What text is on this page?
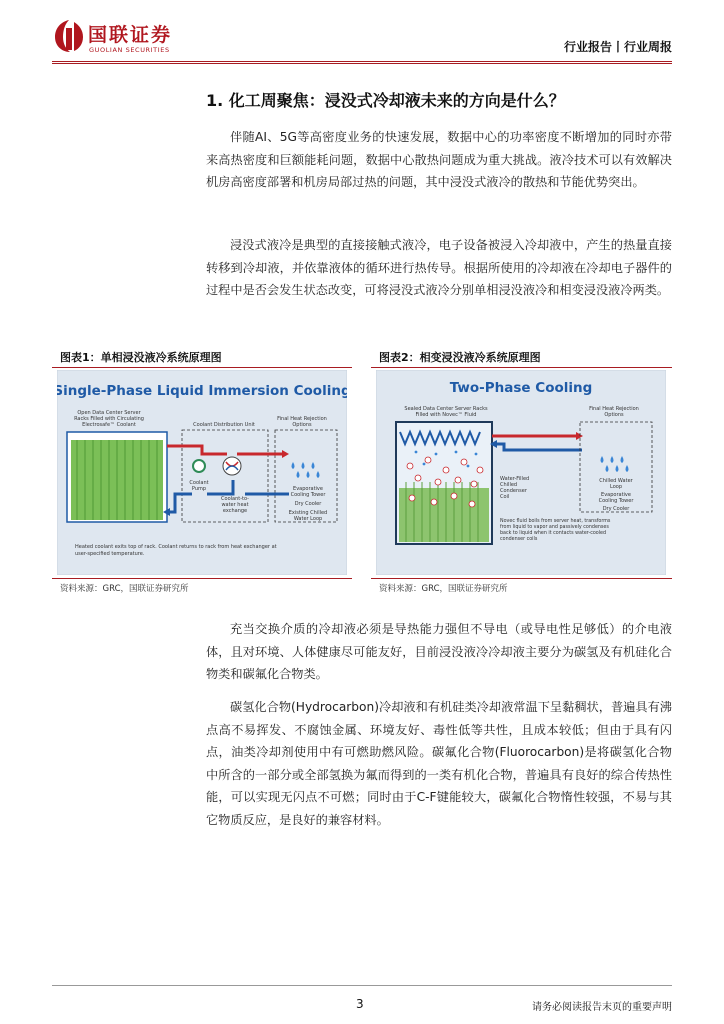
国联证券
GUOLIAN SECURITIES	行业报告丨行业周报
1. 化工周聚焦：浸没式冷却液未来的方向是什么？
伴随AI、5G等高密度业务的快速发展，数据中心的功率密度不断增加的同时亦带来高热密度和巨额能耗问题，数据中心散热问题成为重大挑战。液冷技术可以有效解决机房高密度部署和机房局部过热的问题，其中浸没式液冷的散热和节能优势突出。
浸没式液冷是典型的直接接触式液冷，电子设备被浸入冷却液中，产生的热量直接转移到冷却液，并依靠液体的循环进行热传导。根据所使用的冷却液在冷却电子器件的过程中是否会发生状态改变，可将浸没式液冷分别单相浸没液冷和相变浸没液冷两类。
图表1：单相浸没液冷系统原理图	图表2：相变浸没液冷系统原理图
Single-Phase Liquid Immersion Cooling
Open Data Center Server
Racks Filled with Circulating
Electrosafe™ Coolant	Coolant Distribution Unit
Final Heat Rejection
Options
Coolant
Pump
Coolant-to-
water heat
exchange
Evaporative
Cooling Tower
Dry Cooler
Existing Chilled
Water Loop
Heated coolant exits top of rack. Coolant returns to rack from heat exchanger at
user-specified temperature.
Two-Phase Cooling
Sealed Data Center Server Racks
Filled with Novec™ Fluid
Final Heat Rejection
Options
Chilled Water
Loop
Evaporative
Cooling Tower
Dry Cooler
Water-Filled
Chilled
Condenser
Coil
Novec fluid boils from server heat, transforms
from liquid to vapor and passively condenses
back to liquid when it contacts water-cooled
condenser coils
资料来源：GRC，国联证券研究所	资料来源：GRC，国联证券研究所
充当交换介质的冷却液必须是导热能力强但不导电（或导电性足够低）的介电液体，且对环境、人体健康尽可能友好，目前浸没液冷冷却液主要分为碳氢及有机硅化合物类和碳氟化合物类。
碳氢化合物(Hydrocarbon)冷却液和有机硅类冷却液常温下呈黏稠状，普遍具有沸点高不易挥发、不腐蚀金属、环境友好、毒性低等共性，且成本较低；但由于具有闪点，油类冷却剂使用中有可燃助燃风险。碳氟化合物(Fluorocarbon)是将碳氢化合物中所含的一部分或全部氢换为氟而得到的一类有机化合物，普遍具有良好的综合传热性能，可以实现无闪点不可燃；同时由于C-F键能较大，碳氟化合物惰性较强，不易与其它物质反应，是良好的兼容材料。
3	请务必阅读报告末页的重要声明
